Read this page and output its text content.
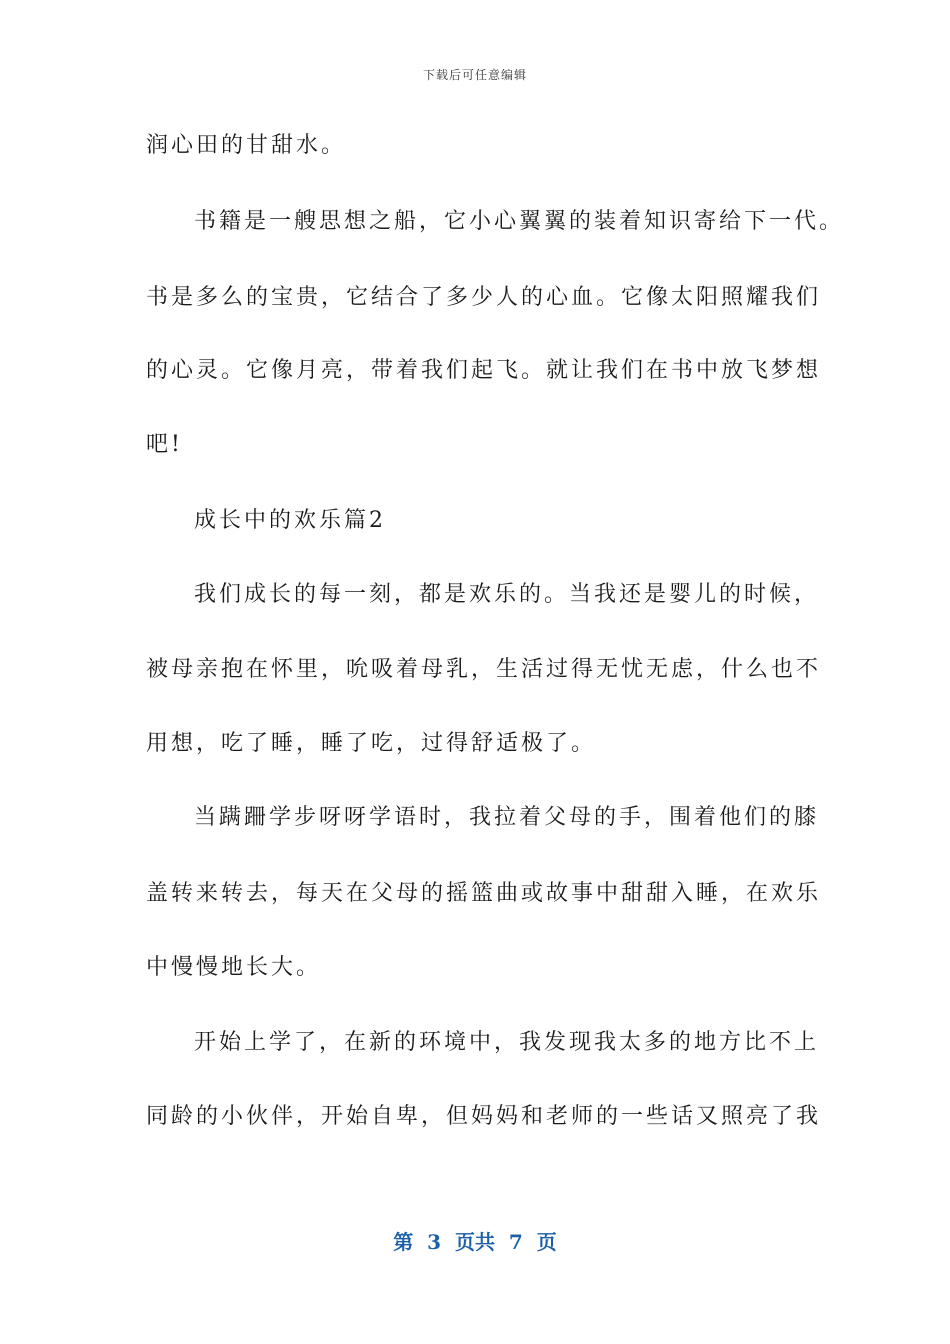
下载后可任意编辑
润心田的甘甜水。
书籍是一艘思想之船，它小心翼翼的装着知识寄给下一代。
书是多么的宝贵，它结合了多少人的心血。它像太阳照耀我们
的心灵。它像月亮，带着我们起飞。就让我们在书中放飞梦想
吧!
成长中的欢乐篇2
我们成长的每一刻，都是欢乐的。当我还是婴儿的时候，
被母亲抱在怀里，吮吸着母乳，生活过得无忧无虑，什么也不
用想，吃了睡，睡了吃，过得舒适极了。
当蹒跚学步呀呀学语时，我拉着父母的手，围着他们的膝
盖转来转去，每天在父母的摇篮曲或故事中甜甜入睡，在欢乐
中慢慢地长大。
开始上学了，在新的环境中，我发现我太多的地方比不上
同龄的小伙伴，开始自卑，但妈妈和老师的一些话又照亮了我
第  3  页共  7  页
